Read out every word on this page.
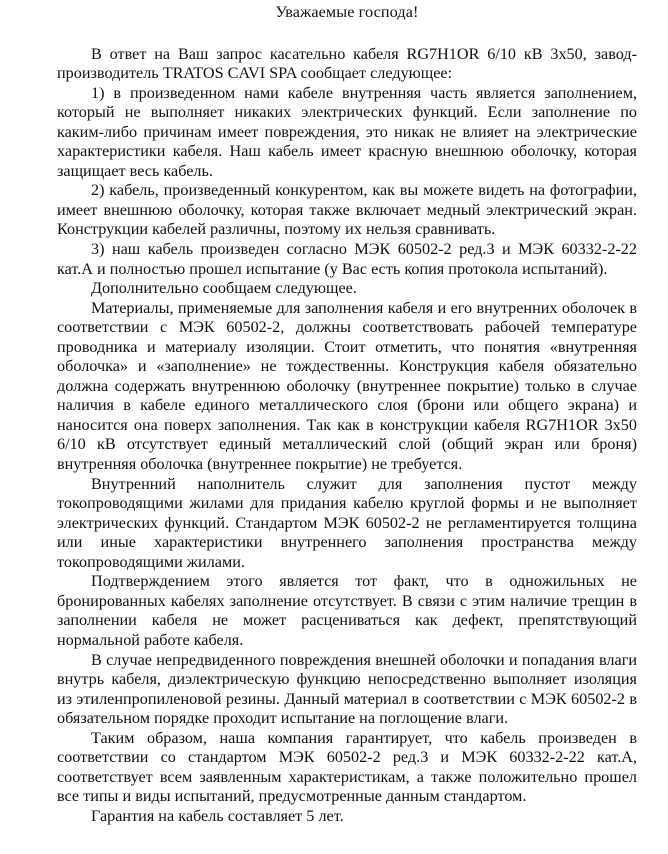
Уважаемые господа!

В ответ на Ваш запрос касательно кабеля RG7H1OR 6/10 кВ 3х50, завод-производитель TRATOS CAVI SPA сообщает следующее:

1) в произведенном нами кабеле внутренняя часть является заполнением, который не выполняет никаких электрических функций. Если заполнение по каким-либо причинам имеет повреждения, это никак не влияет на электрические характеристики кабеля. Наш кабель имеет красную внешнюю оболочку, которая защищает весь кабель.

2) кабель, произведенный конкурентом, как вы можете видеть на фотографии, имеет внешнюю оболочку, которая также включает медный электрический экран. Конструкции кабелей различны, поэтому их нельзя сравнивать.

3) наш кабель произведен согласно МЭК 60502-2 ред.3 и МЭК 60332-2-22 кат.А и полностью прошел испытание (у Вас есть копия протокола испытаний).

Дополнительно сообщаем следующее.

Материалы, применяемые для заполнения кабеля и его внутренних оболочек в соответствии с МЭК 60502-2, должны соответствовать рабочей температуре проводника и материалу изоляции. Стоит отметить, что понятия «внутренняя оболочка» и «заполнение» не тождественны. Конструкция кабеля обязательно должна содержать внутреннюю оболочку (внутреннее покрытие) только в случае наличия в кабеле единого металлического слоя (брони или общего экрана) и наносится она поверх заполнения. Так как в конструкции кабеля RG7H1OR 3х50 6/10 кВ отсутствует единый металлический слой (общий экран или броня) внутренняя оболочка (внутреннее покрытие) не требуется.

Внутренний наполнитель служит для заполнения пустот между токопроводящими жилами для придания кабелю круглой формы и не выполняет электрических функций. Стандартом МЭК 60502-2 не регламентируется толщина или иные характеристики внутреннего заполнения пространства между токопроводящими жилами.

Подтверждением этого является тот факт, что в одножильных не бронированных кабелях заполнение отсутствует. В связи с этим наличие трещин в заполнении кабеля не может расцениваться как дефект, препятствующий нормальной работе кабеля.

В случае непредвиденного повреждения внешней оболочки и попадания влаги внутрь кабеля, диэлектрическую функцию непосредственно выполняет изоляция из этиленпропиленовой резины. Данный материал в соответствии с МЭК 60502-2 в обязательном порядке проходит испытание на поглощение влаги.

Таким образом, наша компания гарантирует, что кабель произведен в соответствии со стандартом МЭК 60502-2 ред.3 и МЭК 60332-2-22 кат.А, соответствует всем заявленным характеристикам, а также положительно прошел все типы и виды испытаний, предусмотренные данным стандартом.

Гарантия на кабель составляет 5 лет.
